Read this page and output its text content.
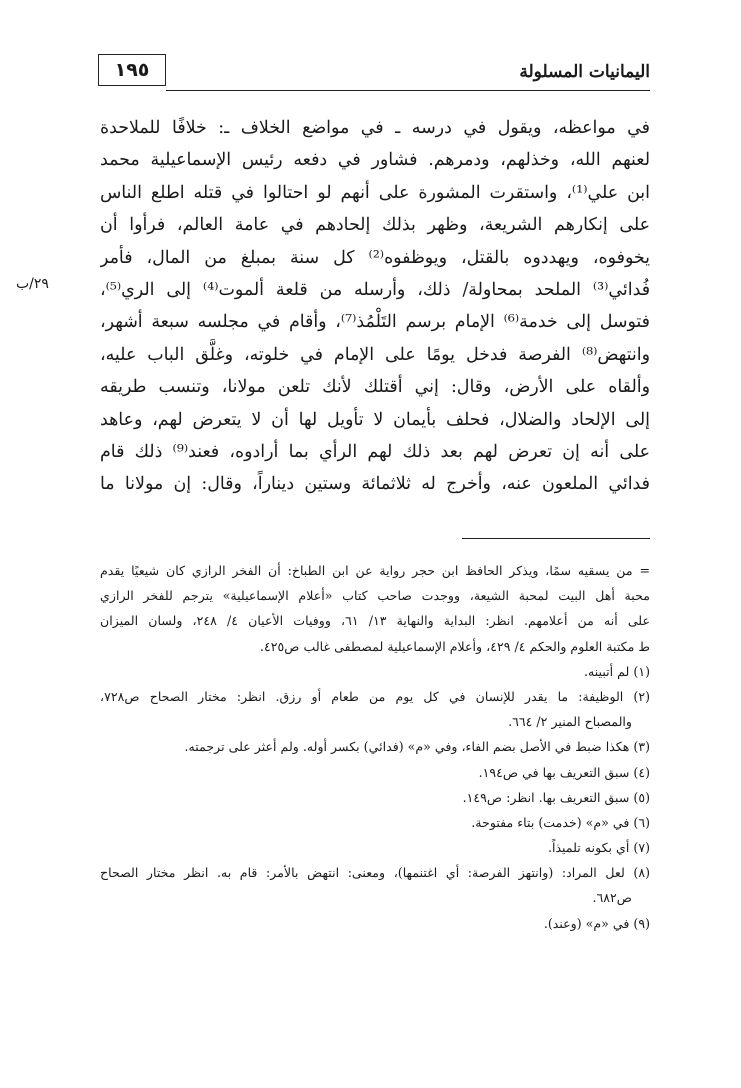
١٩٥	اليمانيات المسلولة
٢٩/ب
في مواعظه، ويقول في درسه ـ في مواضع الخلاف ـ: خلافًا للملاحدة
لعنهم الله، وخذلهم، ودمرهم. فشاور في دفعه رئيس الإسماعيلية محمد
ابن علي⁽¹⁾، واستقرت المشورة على أنهم لو احتالوا في قتله اطلع الناس
على إنكارهم الشريعة، وظهر بذلك إلحادهم في عامة العالم، فرأوا أن
يخوفوه، ويهددوه بالقتل، ويوظفوه⁽²⁾ كل سنة بمبلغ من المال، فأمر
فُدائي⁽³⁾ الملحد بمحاولة/ ذلك، وأرسله من قلعة ألموت⁽⁴⁾ إلى الري⁽⁵⁾،
فتوسل إلى خدمة⁽⁶⁾ الإمام برسم التَلْمُذ⁽⁷⁾، وأقام في مجلسه سبعة أشهر،
وانتهض⁽⁸⁾ الفرصة فدخل يومًا على الإمام في خلوته، وغلَّق الباب عليه،
وألقاه على الأرض، وقال: إني أقتلك لأنك تلعن مولانا، وتنسب طريقه
إلى الإلحاد والضلال، فحلف بأيمان لا تأويل لها أن لا يتعرض لهم، وعاهد
على أنه إن تعرض لهم بعد ذلك لهم الرأي بما أرادوه، فعند⁽⁹⁾ ذلك قام
فدائي الملعون عنه، وأخرج له ثلاثمائة وستين ديناراً، وقال: إن مولانا ما
= من يسقيه سمًا، ويذكر الحافظ ابن حجر رواية عن ابن الطباخ: أن الفخر الرازي كان شيعيًا يقدم
محبة أهل البيت لمحبة الشيعة، ووجدت صاحب كتاب «أعلام الإسماعيلية» يترجم للفخر الرازي
على أنه من أعلامهم. انظر: البداية والنهاية ١٣/ ٦١، ووفيات الأعيان ٤/ ٢٤٨، ولسان الميزان
ط مكتبة العلوم والحكم ٤/ ٤٢٩، وأعلام الإسماعيلية لمصطفى غالب ص٤٢٥.
(١) لم أتبينه.
(٢) الوظيفة: ما يقدر للإنسان في كل يوم من طعام أو رزق. انظر: مختار الصحاح ص٧٢٨،
والمصباح المنير ٢/ ٦٦٤.
(٣) هكذا ضبط في الأصل بضم الفاء، وفي «م» (فدائي) بكسر أوله. ولم أعثر على ترجمته.
(٤) سبق التعريف بها في ص١٩٤.
(٥) سبق التعريف بها. انظر: ص١٤٩.
(٦) في «م» (خدمت) بتاء مفتوحة.
(٧) أي بكونه تلميذاً.
(٨) لعل المراد: (وانتهز الفرصة: أي اغتنمها)، ومعنى: انتهض بالأمر: قام به. انظر مختار الصحاح
ص٦٨٢.
(٩) في «م» (وعند).
